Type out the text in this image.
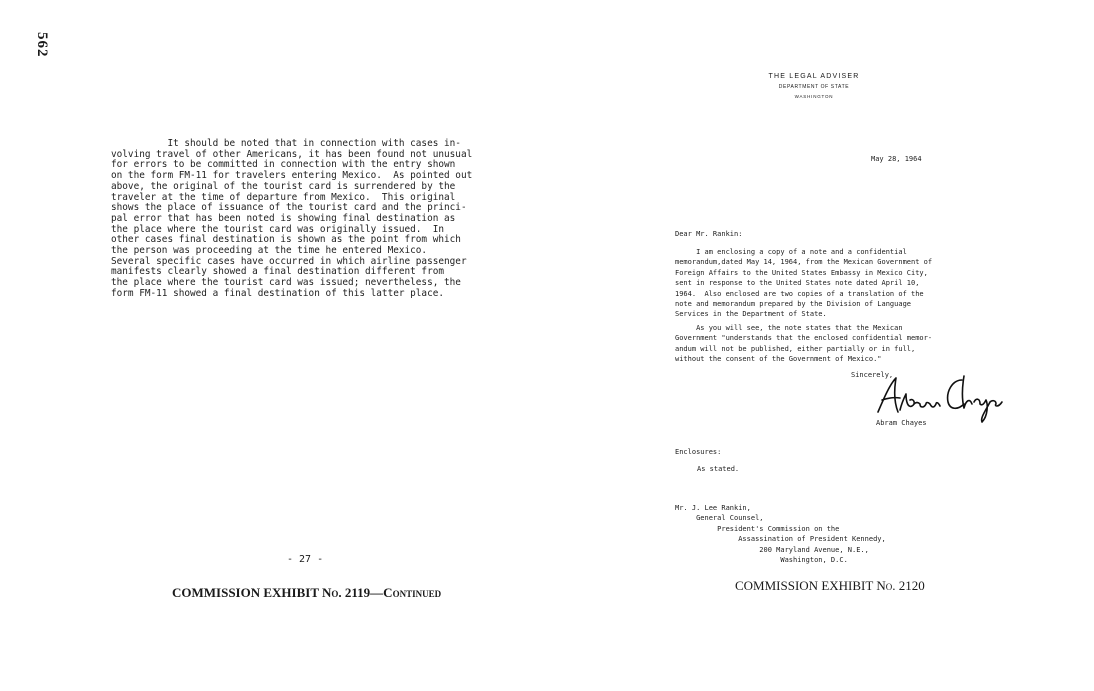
562
It should be noted that in connection with cases in-
volving travel of other Americans, it has been found not unusual
for errors to be committed in connection with the entry shown
on the form FM-11 for travelers entering Mexico.  As pointed out
above, the original of the tourist card is surrendered by the
traveler at the time of departure from Mexico.  This original
shows the place of issuance of the tourist card and the princi-
pal error that has been noted is showing final destination as
the place where the tourist card was originally issued.  In
other cases final destination is shown as the point from which
the person was proceeding at the time he entered Mexico.
Several specific cases have occurred in which airline passenger
manifests clearly showed a final destination different from
the place where the tourist card was issued; nevertheless, the
form FM-11 showed a final destination of this latter place.
- 27 -
COMMISSION EXHIBIT No. 2119—Continued
THE LEGAL ADVISER
DEPARTMENT OF STATE
WASHINGTON
May 28, 1964
Dear Mr. Rankin:
I am enclosing a copy of a note and a confidential
memorandum,dated May 14, 1964, from the Mexican Government of
Foreign Affairs to the United States Embassy in Mexico City,
sent in response to the United States note dated April 10,
1964.  Also enclosed are two copies of a translation of the
note and memorandum prepared by the Division of Language
Services in the Department of State.
As you will see, the note states that the Mexican
Government "understands that the enclosed confidential memor-
andum will not be published, either partially or in full,
without the consent of the Government of Mexico."
Sincerely,
Abram Chayes
Enclosures:
As stated.
Mr. J. Lee Rankin,
General Counsel,
President's Commission on the
Assassination of President Kennedy,
200 Maryland Avenue, N.E.,
Washington, D.C.
COMMISSION EXHIBIT No. 2120
